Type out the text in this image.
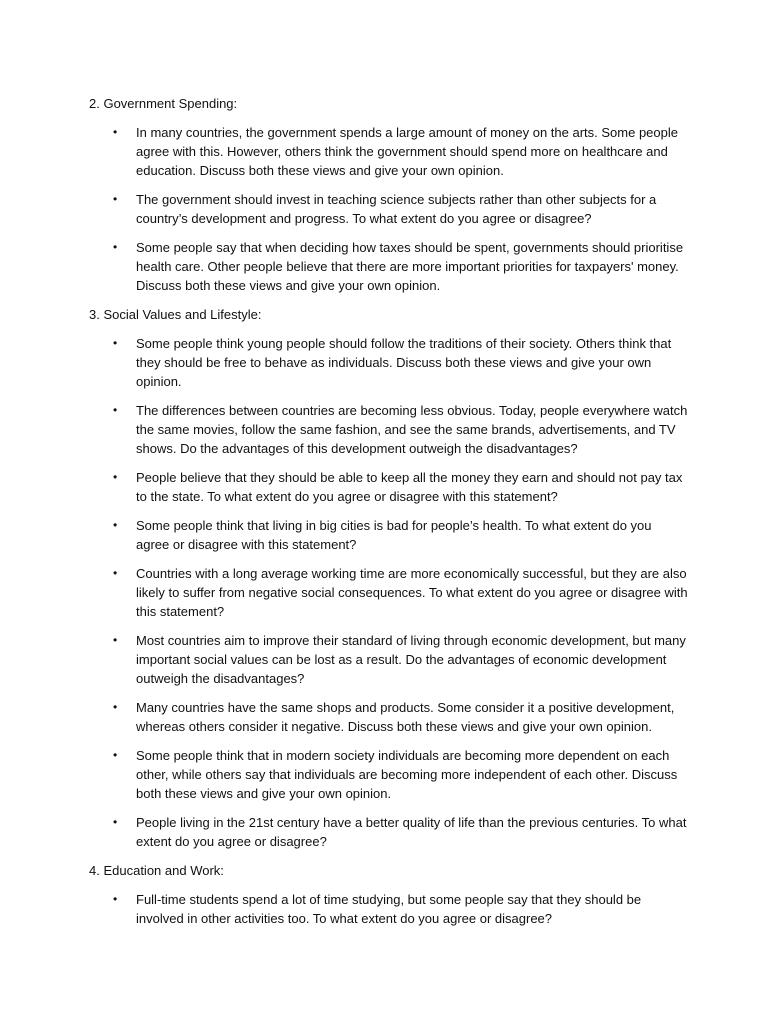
2. Government Spending:

• In many countries, the government spends a large amount of money on the arts. Some people agree with this. However, others think the government should spend more on healthcare and education. Discuss both these views and give your own opinion.
• The government should invest in teaching science subjects rather than other subjects for a country’s development and progress. To what extent do you agree or disagree?
• Some people say that when deciding how taxes should be spent, governments should prioritise health care. Other people believe that there are more important priorities for taxpayers' money. Discuss both these views and give your own opinion.

3. Social Values and Lifestyle:

• Some people think young people should follow the traditions of their society. Others think that they should be free to behave as individuals. Discuss both these views and give your own opinion.
• The differences between countries are becoming less obvious. Today, people everywhere watch the same movies, follow the same fashion, and see the same brands, advertisements, and TV shows. Do the advantages of this development outweigh the disadvantages?
• People believe that they should be able to keep all the money they earn and should not pay tax to the state. To what extent do you agree or disagree with this statement?
• Some people think that living in big cities is bad for people’s health. To what extent do you agree or disagree with this statement?
• Countries with a long average working time are more economically successful, but they are also likely to suffer from negative social consequences. To what extent do you agree or disagree with this statement?
• Most countries aim to improve their standard of living through economic development, but many important social values can be lost as a result. Do the advantages of economic development outweigh the disadvantages?
• Many countries have the same shops and products. Some consider it a positive development, whereas others consider it negative. Discuss both these views and give your own opinion.
• Some people think that in modern society individuals are becoming more dependent on each other, while others say that individuals are becoming more independent of each other. Discuss both these views and give your own opinion.
• People living in the 21st century have a better quality of life than the previous centuries. To what extent do you agree or disagree?

4. Education and Work:

• Full-time students spend a lot of time studying, but some people say that they should be involved in other activities too. To what extent do you agree or disagree?
